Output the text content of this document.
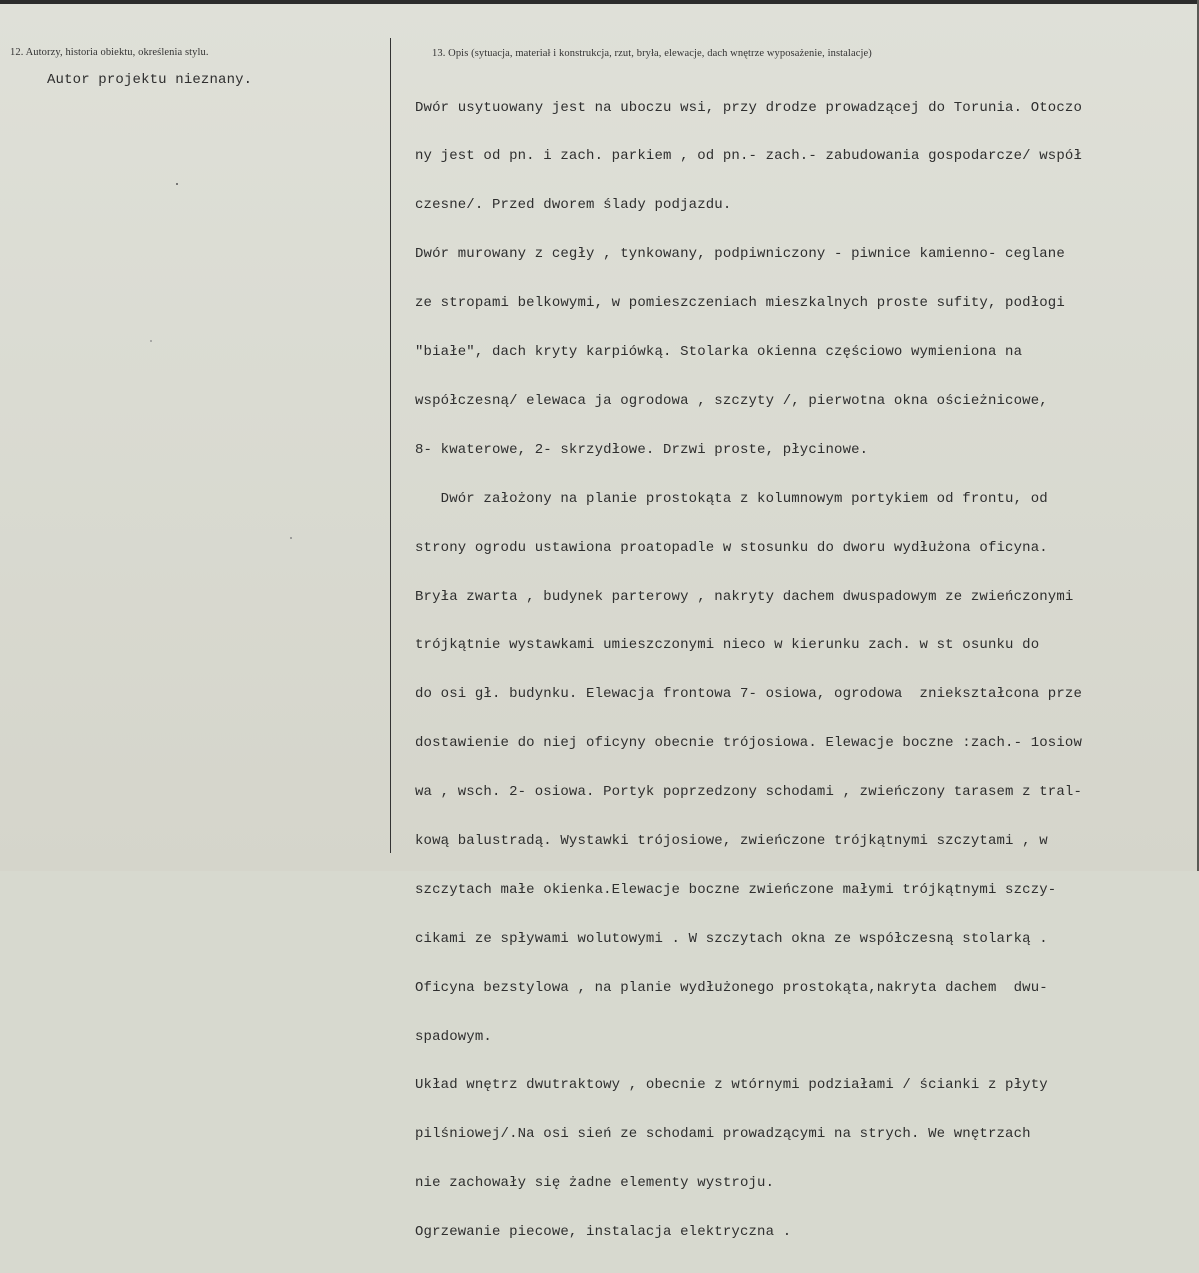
12. Autorzy, historia obiektu, określenia stylu.	13. Opis (sytuacja, materiał i konstrukcja, rzut, bryła, elewacje, dach wnętrze wyposażenie, instalacje)
Autor projektu nieznany.

Dwór usytuowany jest na uboczu wsi, przy drodze prowadzącej do Torunia. Otoczo

ny jest od pn. i zach. parkiem , od pn.- zach.- zabudowania gospodarcze/ współ

czesne/. Przed dworem ślady podjazdu.

Dwór murowany z cegły , tynkowany, podpiwniczony - piwnice kamienno- ceglane

ze stropami belkowymi, w pomieszczeniach mieszkalnych proste sufity, podłogi

"białe", dach kryty karpiówką. Stolarka okienna częściowo wymieniona na

współczesną/ elewaca ja ogrodowa , szczyty /, pierwotna okna ościeżnicowe,

8- kwaterowe, 2- skrzydłowe. Drzwi proste, płycinowe.

Dwór założony na planie prostokąta z kolumnowym portykiem od frontu, od

strony ogrodu ustawiona proatopadle w stosunku do dworu wydłużona oficyna.

Bryła zwarta , budynek parterowy , nakryty dachem dwuspadowym ze zwieńczonymi

trójkątnie wystawkami umieszczonymi nieco w kierunku zach. w st osunku do

do osi gł. budynku. Elewacja frontowa 7- osiowa, ogrodowa  zniekształcona prze

dostawienie do niej oficyny obecnie trójosiowa. Elewacje boczne :zach.- 1osiow

wa , wsch. 2- osiowa. Portyk poprzedzony schodami , zwieńczony tarasem z tral-

kową balustradą. Wystawki trójosiowe, zwieńczone trójkątnymi szczytami , w

szczytach małe okienka.Elewacje boczne zwieńczone małymi trójkątnymi szczy-

cikami ze spływami wolutowymi . W szczytach okna ze współczesną stolarką .

Oficyna bezstylowa , na planie wydłużonego prostokąta,nakryta dachem  dwu-

spadowym.

Układ wnętrz dwutraktowy , obecnie z wtórnymi podziałami / ścianki z płyty

pilśniowej/.Na osi sień ze schodami prowadzącymi na strych. We wnętrzach

nie zachowały się żadne elementy wystroju.

Ogrzewanie piecowe, instalacja elektryczna .
